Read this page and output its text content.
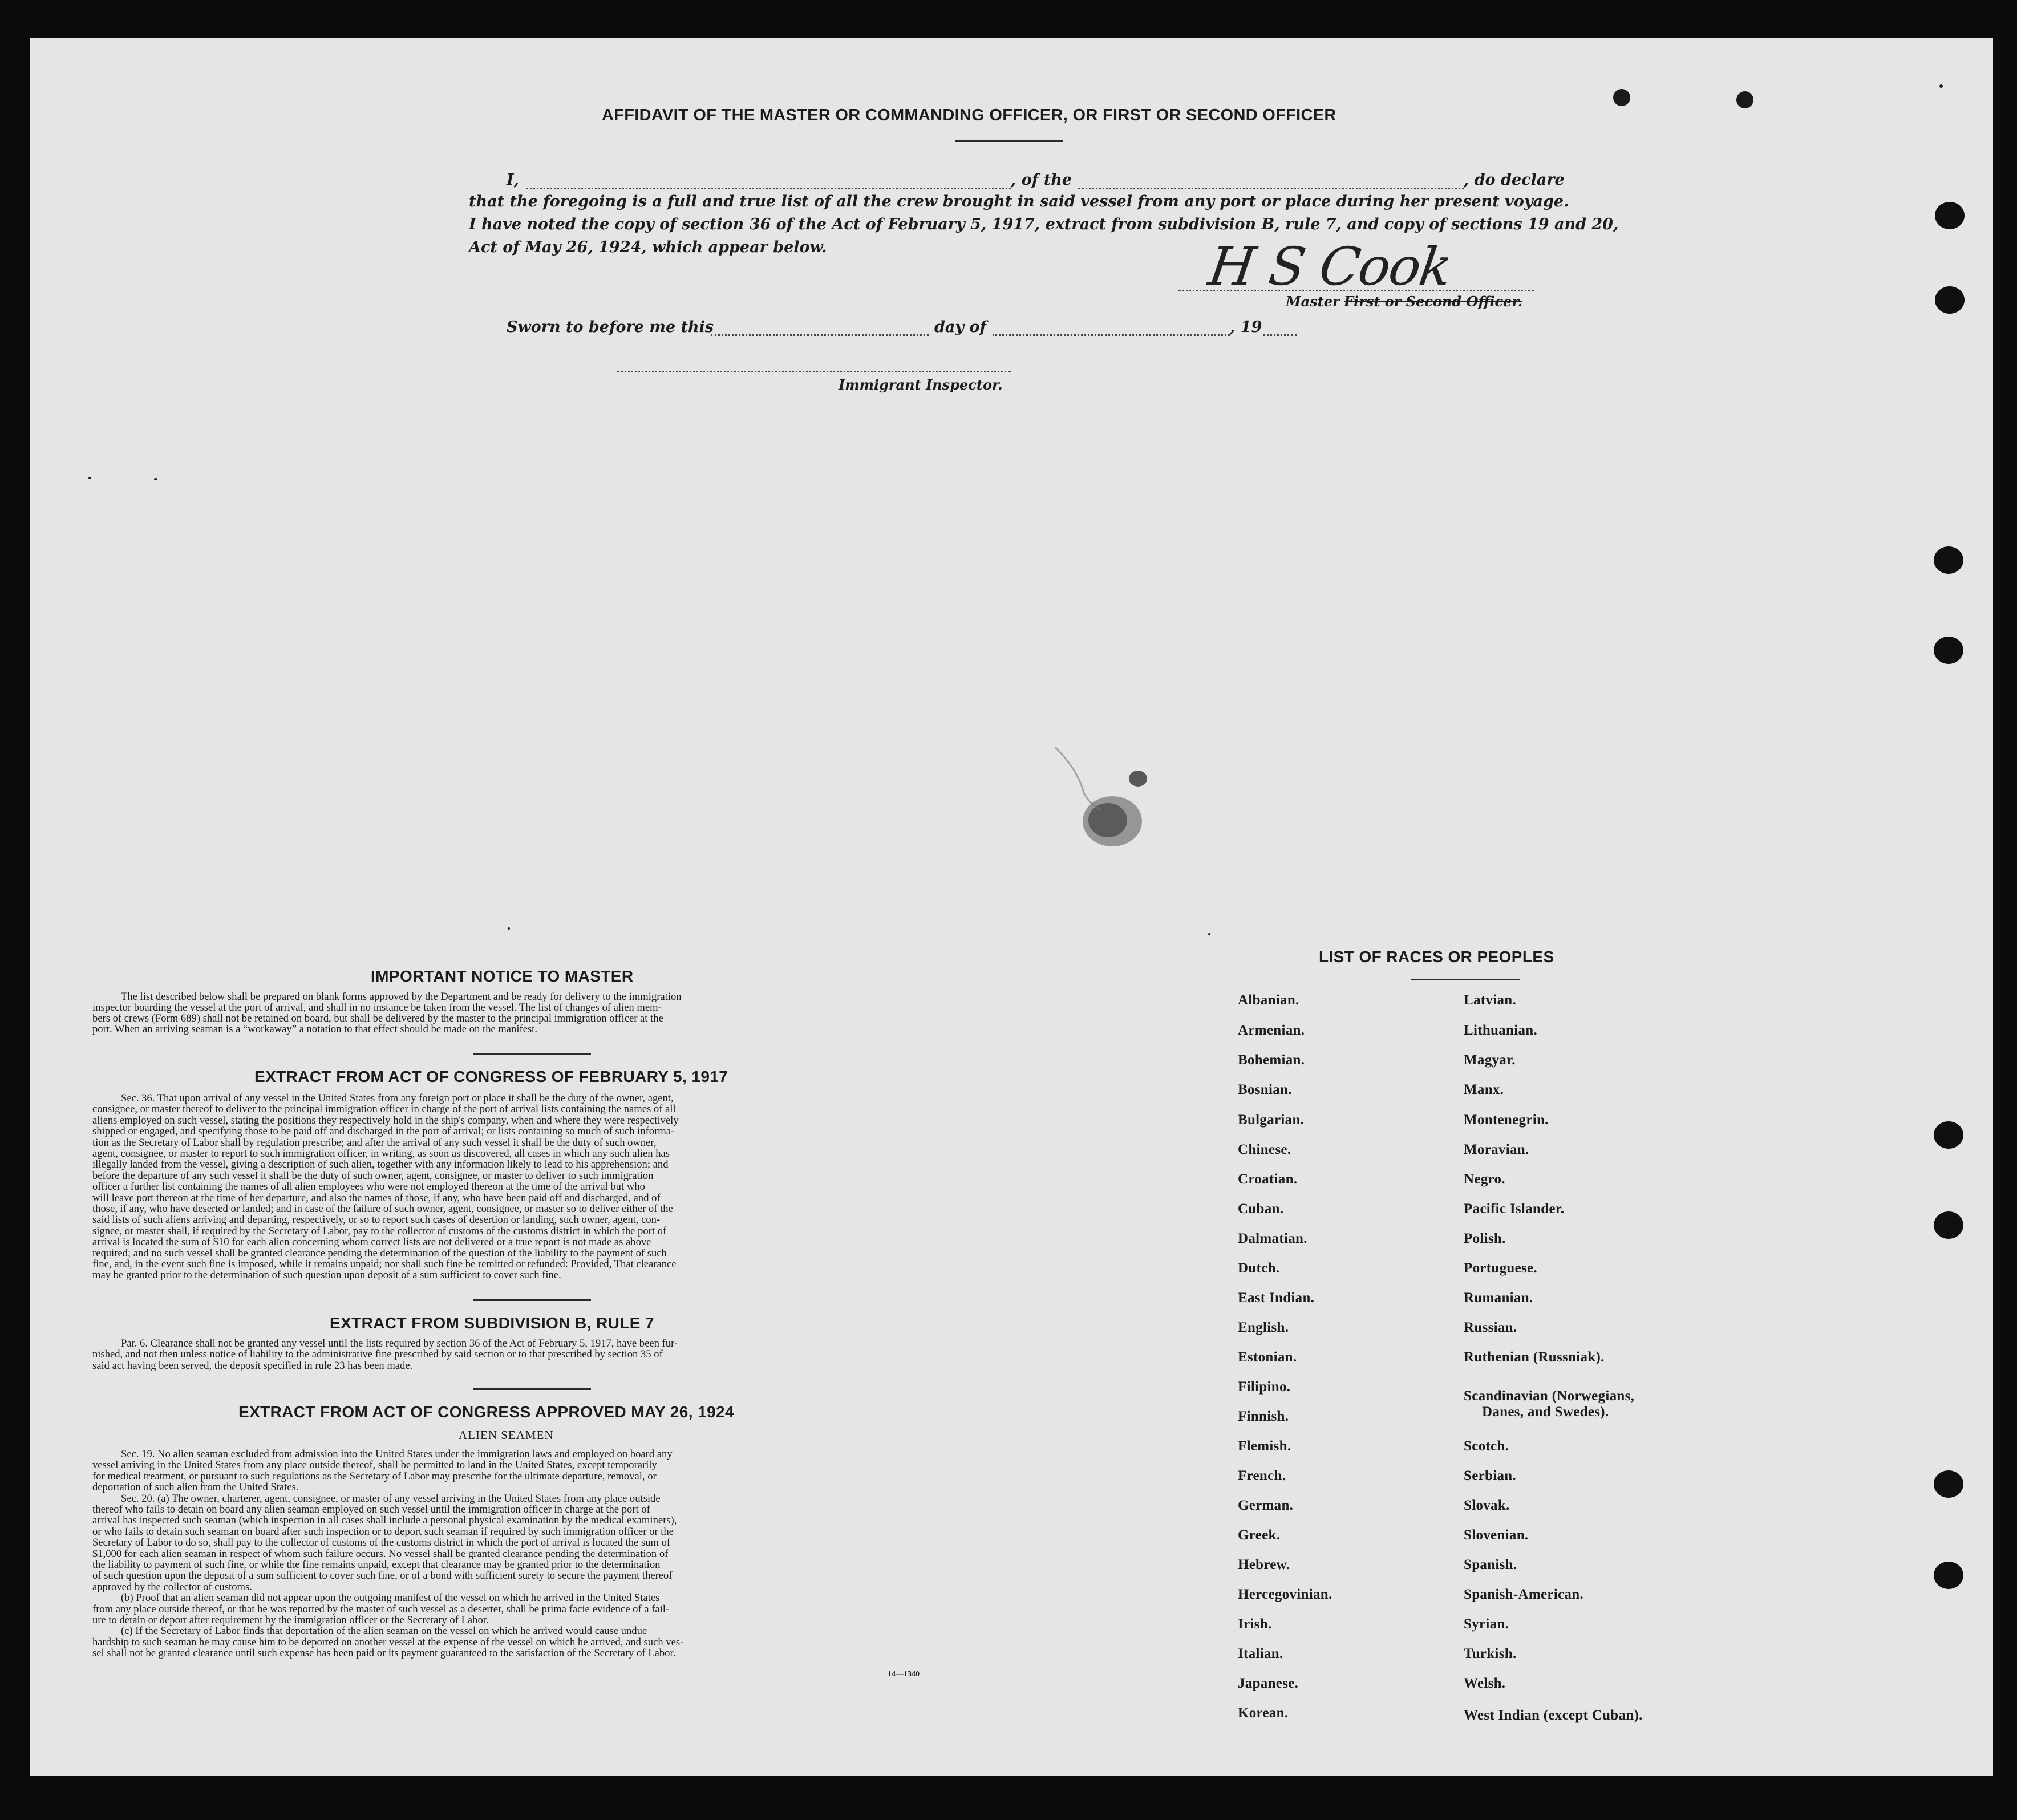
AFFIDAVIT OF THE MASTER OR COMMANDING OFFICER, OR FIRST OR SECOND OFFICER
I,	, of the	, do declare
that the foregoing is a full and true list of all the crew brought in said vessel from any port or place during her present voyage.
I have noted the copy of section 36 of the Act of February 5, 1917, extract from subdivision B, rule 7, and copy of sections 19 and 20,
Act of May 26, 1924, which appear below.	H S Cook
Master First or Second Officer.
Sworn to before me this	day of	, 19
Immigrant Inspector.
IMPORTANT NOTICE TO MASTER

The list described below shall be prepared on blank forms approved by the Department and be ready for delivery to the immigration

inspector boarding the vessel at the port of arrival, and shall in no instance be taken from the vessel. The list of changes of alien mem-

bers of crews (Form 689) shall not be retained on board, but shall be delivered by the master to the principal immigration officer at the

port. When an arriving seaman is a “workaway” a notation to that effect should be made on the manifest.

EXTRACT FROM ACT OF CONGRESS OF FEBRUARY 5, 1917

Sec. 36. That upon arrival of any vessel in the United States from any foreign port or place it shall be the duty of the owner, agent,

consignee, or master thereof to deliver to the principal immigration officer in charge of the port of arrival lists containing the names of all

aliens employed on such vessel, stating the positions they respectively hold in the ship's company, when and where they were respectively

shipped or engaged, and specifying those to be paid off and discharged in the port of arrival; or lists containing so much of such informa-

tion as the Secretary of Labor shall by regulation prescribe; and after the arrival of any such vessel it shall be the duty of such owner,

agent, consignee, or master to report to such immigration officer, in writing, as soon as discovered, all cases in which any such alien has

illegally landed from the vessel, giving a description of such alien, together with any information likely to lead to his apprehension; and

before the departure of any such vessel it shall be the duty of such owner, agent, consignee, or master to deliver to such immigration

officer a further list containing the names of all alien employees who were not employed thereon at the time of the arrival but who

will leave port thereon at the time of her departure, and also the names of those, if any, who have been paid off and discharged, and of

those, if any, who have deserted or landed; and in case of the failure of such owner, agent, consignee, or master so to deliver either of the

said lists of such aliens arriving and departing, respectively, or so to report such cases of desertion or landing, such owner, agent, con-

signee, or master shall, if required by the Secretary of Labor, pay to the collector of customs of the customs district in which the port of

arrival is located the sum of $10 for each alien concerning whom correct lists are not delivered or a true report is not made as above

required; and no such vessel shall be granted clearance pending the determination of the question of the liability to the payment of such

fine, and, in the event such fine is imposed, while it remains unpaid; nor shall such fine be remitted or refunded: Provided, That clearance

may be granted prior to the determination of such question upon deposit of a sum sufficient to cover such fine.

EXTRACT FROM SUBDIVISION B, RULE 7

Par. 6. Clearance shall not be granted any vessel until the lists required by section 36 of the Act of February 5, 1917, have been fur-

nished, and not then unless notice of liability to the administrative fine prescribed by said section or to that prescribed by section 35 of

said act having been served, the deposit specified in rule 23 has been made.

EXTRACT FROM ACT OF CONGRESS APPROVED MAY 26, 1924
ALIEN SEAMEN

Sec. 19. No alien seaman excluded from admission into the United States under the immigration laws and employed on board any

vessel arriving in the United States from any place outside thereof, shall be permitted to land in the United States, except temporarily

for medical treatment, or pursuant to such regulations as the Secretary of Labor may prescribe for the ultimate departure, removal, or

deportation of such alien from the United States.

Sec. 20. (a) The owner, charterer, agent, consignee, or master of any vessel arriving in the United States from any place outside

thereof who fails to detain on board any alien seaman employed on such vessel until the immigration officer in charge at the port of

arrival has inspected such seaman (which inspection in all cases shall include a personal physical examination by the medical examiners),

or who fails to detain such seaman on board after such inspection or to deport such seaman if required by such immigration officer or the

Secretary of Labor to do so, shall pay to the collector of customs of the customs district in which the port of arrival is located the sum of

$1,000 for each alien seaman in respect of whom such failure occurs. No vessel shall be granted clearance pending the determination of

the liability to payment of such fine, or while the fine remains unpaid, except that clearance may be granted prior to the determination

of such question upon the deposit of a sum sufficient to cover such fine, or of a bond with sufficient surety to secure the payment thereof

approved by the collector of customs.

(b) Proof that an alien seaman did not appear upon the outgoing manifest of the vessel on which he arrived in the United States

from any place outside thereof, or that he was reported by the master of such vessel as a deserter, shall be prima facie evidence of a fail-

ure to detain or deport after requirement by the immigration officer or the Secretary of Labor.

(c) If the Secretary of Labor finds that deportation of the alien seaman on the vessel on which he arrived would cause undue

hardship to such seaman he may cause him to be deported on another vessel at the expense of the vessel on which he arrived, and such ves-

sel shall not be granted clearance until such expense has been paid or its payment guaranteed to the satisfaction of the Secretary of Labor.

14—1340
LIST OF RACES OR PEOPLES
Albanian.
Armenian.
Bohemian.
Bosnian.
Bulgarian.
Chinese.
Croatian.
Cuban.
Dalmatian.
Dutch.
East Indian.
English.
Estonian.
Filipino.
Finnish.
Flemish.
French.
German.
Greek.
Hebrew.
Hercegovinian.
Irish.
Italian.
Japanese.
Korean.
Latvian.
Lithuanian.
Magyar.
Manx.
Montenegrin.
Moravian.
Negro.
Pacific Islander.
Polish.
Portuguese.
Rumanian.
Russian.
Ruthenian (Russniak).
Scandinavian (Norwegians,
Danes, and Swedes).
Scotch.
Serbian.
Slovak.
Slovenian.
Spanish.
Spanish-American.
Syrian.
Turkish.
Welsh.
West Indian (except Cuban).
